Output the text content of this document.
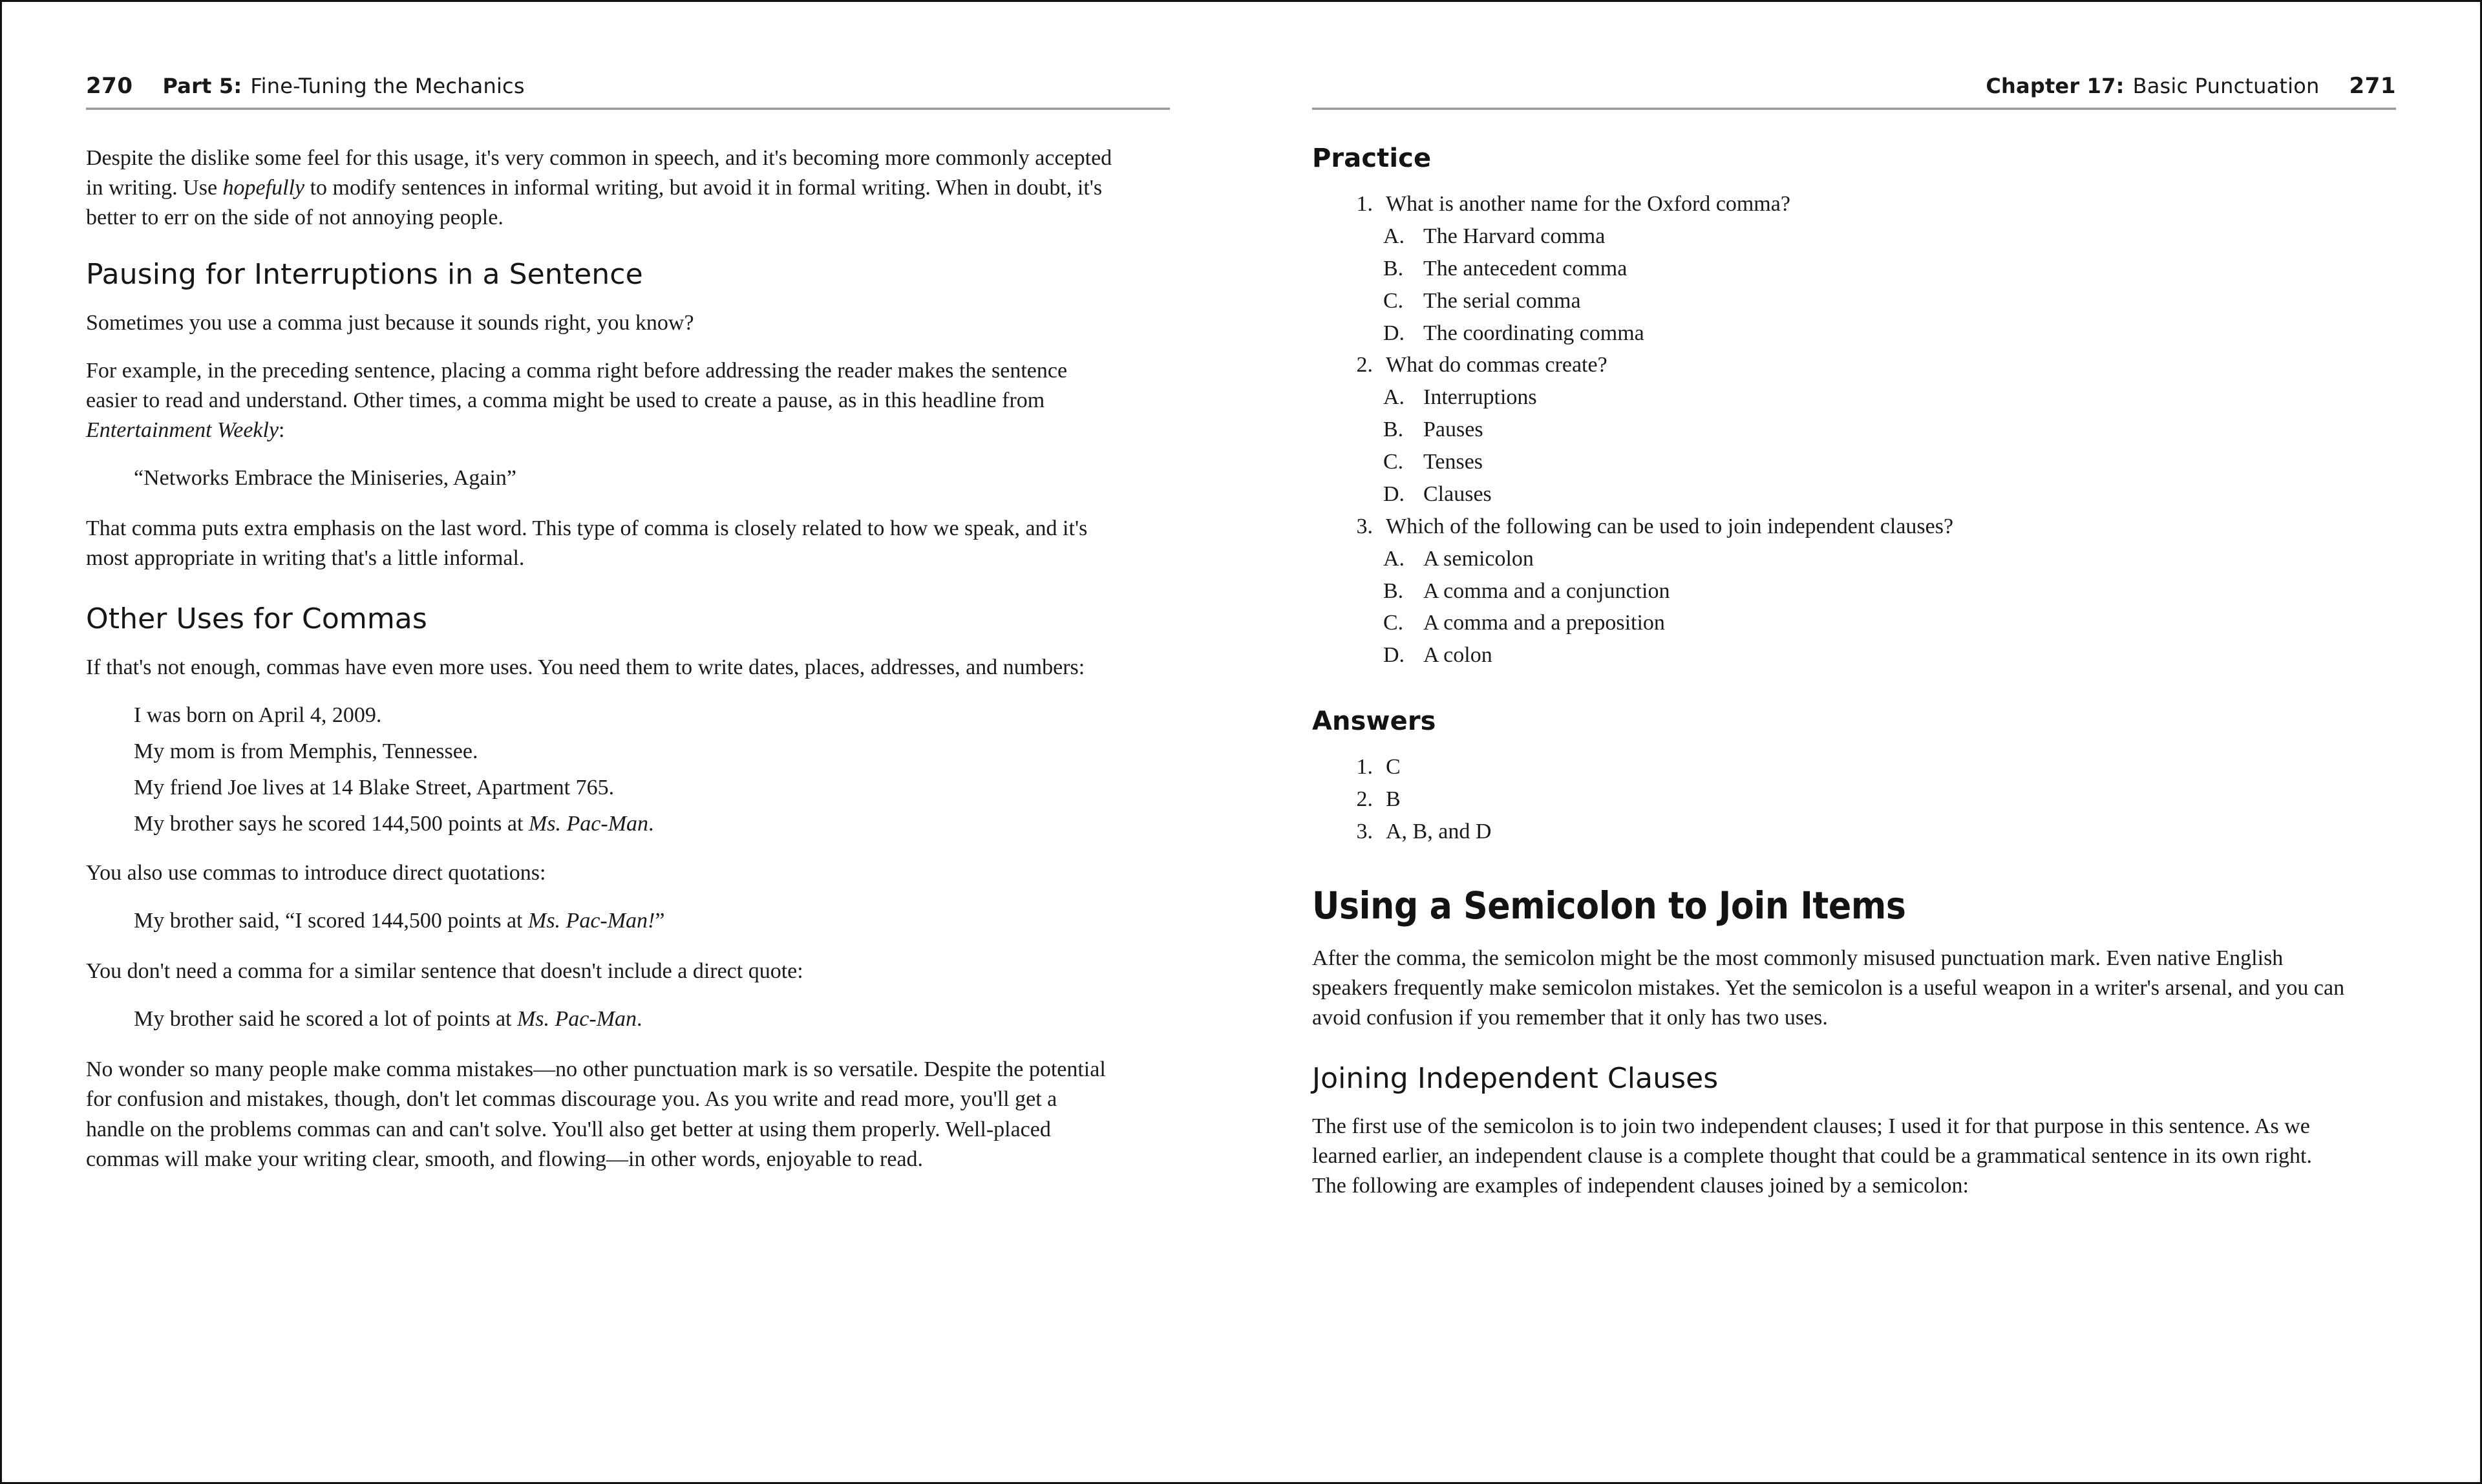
270 Part 5: Fine-Tuning the Mechanics

Despite the dislike some feel for this usage, it's very common in speech, and it's becoming more commonly accepted in writing. Use hopefully to modify sentences in informal writing, but avoid it in formal writing. When in doubt, it's better to err on the side of not annoying people.

Pausing for Interruptions in a Sentence

Sometimes you use a comma just because it sounds right, you know?

For example, in the preceding sentence, placing a comma right before addressing the reader makes the sentence easier to read and understand. Other times, a comma might be used to create a pause, as in this headline from Entertainment Weekly:

“Networks Embrace the Miniseries, Again”

That comma puts extra emphasis on the last word. This type of comma is closely related to how we speak, and it's most appropriate in writing that's a little informal.

Other Uses for Commas

If that's not enough, commas have even more uses. You need them to write dates, places, addresses, and numbers:

I was born on April 4, 2009.

My mom is from Memphis, Tennessee.

My friend Joe lives at 14 Blake Street, Apartment 765.

My brother says he scored 144,500 points at Ms. Pac-Man.

You also use commas to introduce direct quotations:

My brother said, “I scored 144,500 points at Ms. Pac-Man!”

You don't need a comma for a similar sentence that doesn't include a direct quote:

My brother said he scored a lot of points at Ms. Pac-Man.

No wonder so many people make comma mistakes—no other punctuation mark is so versatile. Despite the potential for confusion and mistakes, though, don't let commas discourage you. As you write and read more, you'll get a handle on the problems commas can and can't solve. You'll also get better at using them properly. Well-placed commas will make your writing clear, smooth, and flowing—in other words, enjoyable to read.

Chapter 17: Basic Punctuation 271
Practice
1. What is another name for the Oxford comma?
A. The Harvard comma
B. The antecedent comma
C. The serial comma
D. The coordinating comma
2. What do commas create?
A. Interruptions
B. Pauses
C. Tenses
D. Clauses
3. Which of the following can be used to join independent clauses?
A. A semicolon
B. A comma and a conjunction
C. A comma and a preposition
D. A colon
Answers
1. C
2. B
3. A, B, and D
Using a Semicolon to Join Items

After the comma, the semicolon might be the most commonly misused punctuation mark. Even native English speakers frequently make semicolon mistakes. Yet the semicolon is a useful weapon in a writer's arsenal, and you can avoid confusion if you remember that it only has two uses.

Joining Independent Clauses

The first use of the semicolon is to join two independent clauses; I used it for that purpose in this sentence. As we learned earlier, an independent clause is a complete thought that could be a grammatical sentence in its own right. The following are examples of independent clauses joined by a semicolon:
